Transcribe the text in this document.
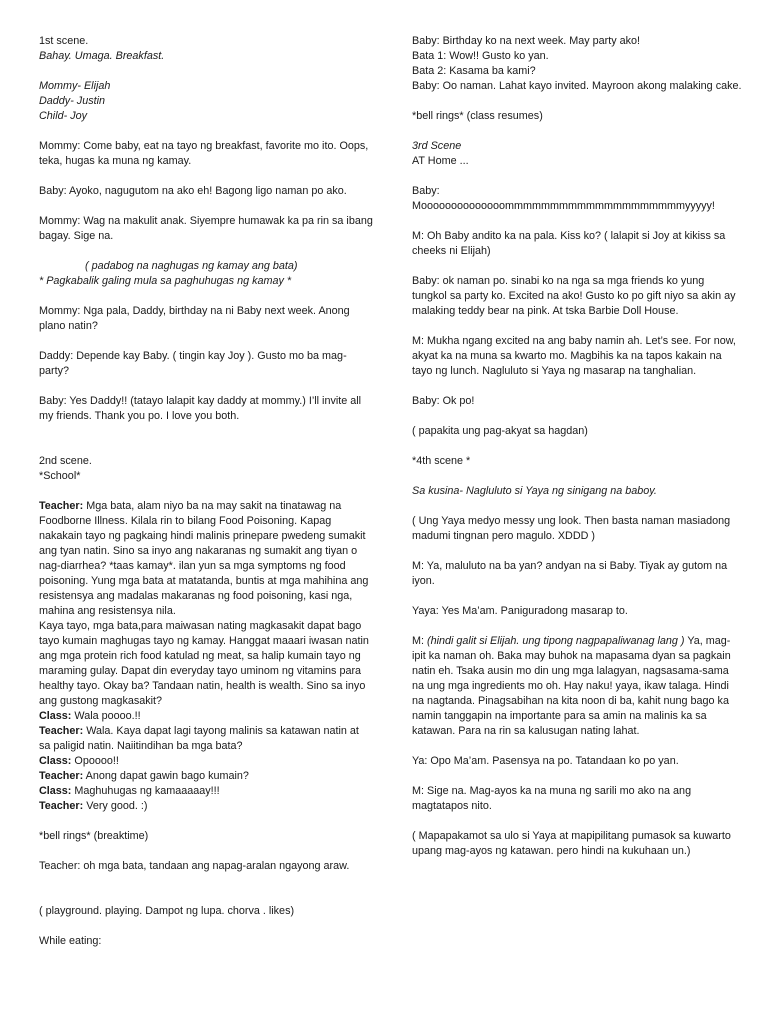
1st scene.

Bahay. Umaga. Breakfast.

Mommy- Elijah

Daddy- Justin

Child- Joy

Mommy: Come baby, eat na tayo ng breakfast, favorite mo ito. Oops, teka, hugas ka muna ng kamay.

Baby: Ayoko, nagugutom na ako eh! Bagong ligo naman po ako.

Mommy: Wag na makulit anak. Siyempre humawak ka pa rin sa ibang bagay. Sige na.

( padabog na naghugas ng kamay ang bata)

* Pagkabalik galing mula sa paghuhugas ng kamay *

Mommy: Nga pala, Daddy, birthday na ni Baby next week. Anong plano natin?

Daddy: Depende kay Baby. ( tingin kay Joy ). Gusto mo ba mag-party?

Baby: Yes Daddy!! (tatayo lalapit kay daddy at mommy.) I’ll invite all my friends. Thank you po. I love you both.

2nd scene.

*School*

Teacher: Mga bata, alam niyo ba na may sakit na tinatawag na Foodborne Illness. Kilala rin to bilang Food Poisoning. Kapag nakakain tayo ng pagkaing hindi malinis prinepare pwedeng sumakit ang tyan natin. Sino sa inyo ang nakaranas ng sumakit ang tiyan o nag-diarrhea? *taas kamay*. ilan yun sa mga symptoms ng food poisoning. Yung mga bata at matatanda, buntis at mga mahihina ang resistensya ang madalas makaranas ng food poisoning, kasi nga, mahina ang resistensya nila.
Kaya tayo, mga bata,para maiwasan nating magkasakit dapat bago tayo kumain maghugas tayo ng kamay. Hanggat maaari iwasan natin ang mga protein rich food katulad ng meat, sa halip kumain tayo ng maraming gulay. Dapat din everyday tayo uminom ng vitamins para healthy tayo. Okay ba? Tandaan natin, health is wealth. Sino sa inyo ang gustong magkasakit?

Class: Wala poooo.!!

Teacher: Wala. Kaya dapat lagi tayong malinis sa katawan natin at sa paligid natin. Naiitindihan ba mga bata?

Class: Opoooo!!

Teacher: Anong dapat gawin bago kumain?

Class: Maghuhugas ng kamaaaaay!!!

Teacher: Very good. :)

*bell rings* (breaktime)

Teacher: oh mga bata, tandaan ang napag-aralan ngayong araw.

( playground. playing. Dampot ng lupa. chorva . likes)

While eating:

Baby: Birthday ko na next week. May party ako!
Bata 1: Wow!! Gusto ko yan.
Bata 2: Kasama ba kami?
Baby: Oo naman. Lahat kayo invited. Mayroon akong malaking cake.

*bell rings* (class resumes)

3rd Scene

AT Home ...

Baby:
Moooooooooooooommmmmmmmmmmmmmmmmmmmyyyyy!

M: Oh Baby andito ka na pala. Kiss ko? ( lalapit si Joy at kikiss sa cheeks ni Elijah)

Baby: ok naman po. sinabi ko na nga sa mga friends ko yung tungkol sa party ko. Excited na ako! Gusto ko po gift niyo sa akin ay malaking teddy bear na pink. At tska Barbie Doll House.

M: Mukha ngang excited na ang baby namin ah. Let’s see. For now, akyat ka na muna sa kwarto mo. Magbihis ka na tapos kakain na tayo ng lunch. Nagluluto si Yaya ng masarap na tanghalian.

Baby: Ok po!

( papakita ung pag-akyat sa hagdan)

*4th scene *

Sa kusina- Nagluluto si Yaya ng sinigang na baboy.

( Ung Yaya medyo messy ung look. Then basta naman masiadong madumi tingnan pero magulo. XDDD )

M: Ya, maluluto na ba yan? andyan na si Baby. Tiyak ay gutom na iyon.

Yaya: Yes Ma’am. Paniguradong masarap to.

M: (hindi galit si Elijah. ung tipong nagpapaliwanag lang ) Ya, mag-ipit ka naman oh. Baka may buhok na mapasama dyan sa pagkain natin eh. Tsaka ausin mo din ung mga lalagyan, nagsasama-sama na ung mga ingredients mo oh. Hay naku! yaya, ikaw talaga. Hindi na nagtanda. Pinagsabihan na kita noon di ba, kahit nung bago ka namin tanggapin na importante para sa amin na malinis ka sa katawan. Para na rin sa kalusugan nating lahat.

Ya: Opo Ma’am. Pasensya na po. Tatandaan ko po yan.

M: Sige na. Mag-ayos ka na muna ng sarili mo ako na ang magtatapos nito.

( Mapapakamot sa ulo si Yaya at mapipilitang pumasok sa kuwarto upang mag-ayos ng katawan. pero hindi na kukuhaan un.)
